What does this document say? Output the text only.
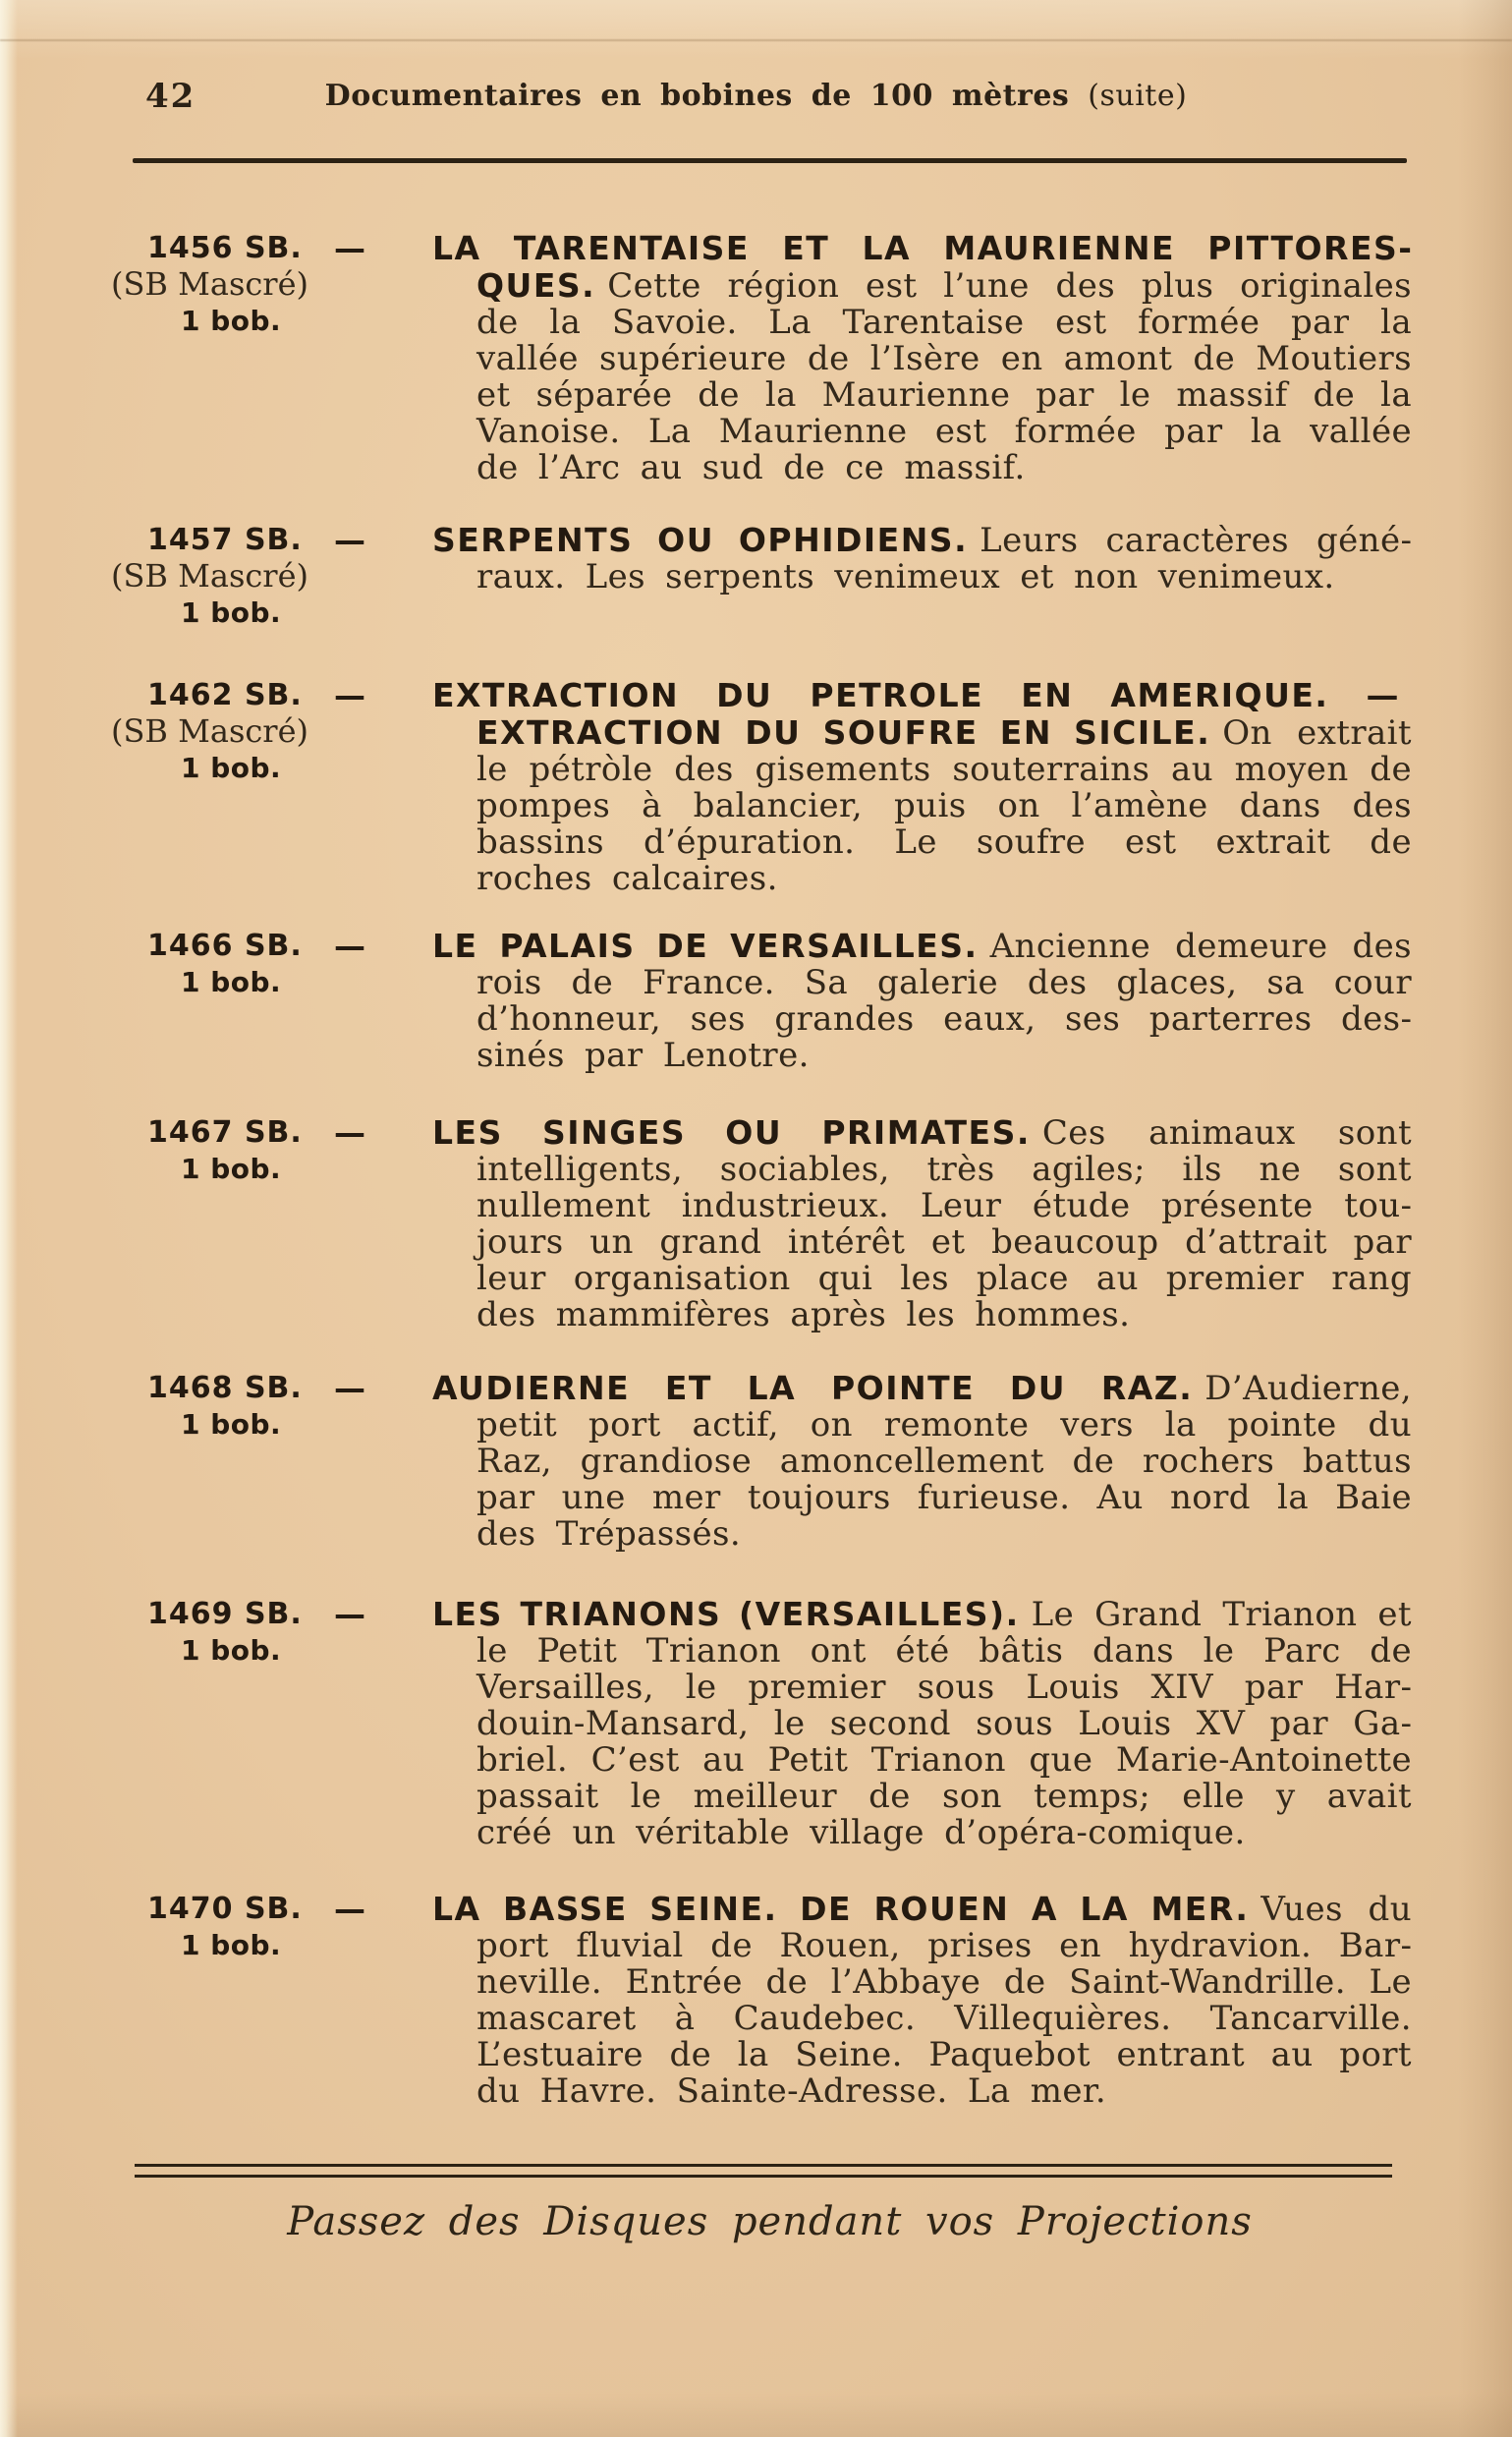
42	Documentaires en bobines de 100 mètres (suite)
1456 SB.
(SB Mascré)
1 bob.

— LA TARENTAISE ET LA MAURIENNE PITTORESQUES. Cette région est l’une des plus originales de la Savoie. La Tarentaise est formée par la vallée supérieure de l’Isère en amont de Moutiers et séparée de la Maurienne par le massif de la Vanoise. La Maurienne est formée par la vallée de l’Arc au sud de ce massif.

1457 SB.
(SB Mascré)
1 bob.

— SERPENTS OU OPHIDIENS. Leurs caractères généraux. Les serpents venimeux et non venimeux.

1462 SB.
(SB Mascré)
1 bob.

— EXTRACTION DU PETROLE EN AMERIQUE. —EXTRACTION DU SOUFRE EN SICILE. On extrait le pétròle des gisements souterrains au moyen de pompes à balancier, puis on l’amène dans des bassins d’épuration. Le soufre est extrait de roches calcaires.

1466 SB.
1 bob.

— LE PALAIS DE VERSAILLES. Ancienne demeure des rois de France. Sa galerie des glaces, sa cour d’honneur, ses grandes eaux, ses parterres dessinés par Lenotre.

1467 SB.
1 bob.

— LES SINGES OU PRIMATES. Ces animaux sont intelligents, sociables, très agiles; ils ne sont nullement industrieux. Leur étude présente toujours un grand intérêt et beaucoup d’attrait par leur organisation qui les place au premier rang des mammifères après les hommes.

1468 SB.
1 bob.

— AUDIERNE ET LA POINTE DU RAZ. D’Audierne, petit port actif, on remonte vers la pointe du Raz, grandiose amoncellement de rochers battus par une mer toujours furieuse. Au nord la Baie des Trépassés.

1469 SB.
1 bob.

— LES TRIANONS (VERSAILLES). Le Grand Trianon et le Petit Trianon ont été bâtis dans le Parc de Versailles, le premier sous Louis XIV par Hardouin-Mansard, le second sous Louis XV par Gabriel. C’est au Petit Trianon que Marie-Antoinette passait le meilleur de son temps; elle y avait créé un véritable village d’opéra-comique.

1470 SB.
1 bob.

— LA BASSE SEINE. DE ROUEN A LA MER. Vues du port fluvial de Rouen, prises en hydravion. Barneville. Entrée de l’Abbaye de Saint-Wandrille. Le mascaret à Caudebec. Villequières. Tancarville. L’estuaire de la Seine. Paquebot entrant au port du Havre. Sainte-Adresse. La mer.

Passez des Disques pendant vos Projections
